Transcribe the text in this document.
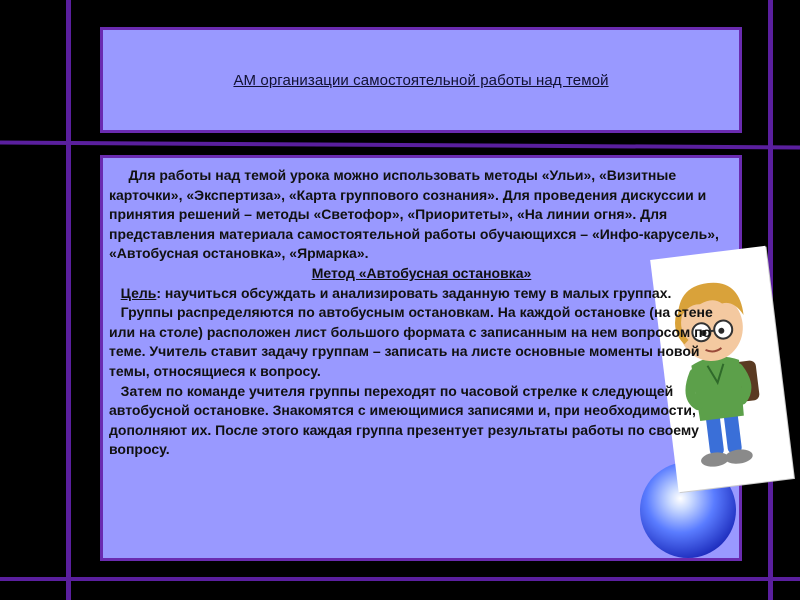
АМ организации самостоятельной работы над темой

Для работы над темой урока можно использовать методы «Ульи», «Визитные карточки», «Экспертиза», «Карта группового сознания». Для проведения дискуссии и принятия решений – методы «Светофор», «Приоритеты», «На линии огня». Для представления материала самостоятельной работы обучающихся – «Инфо-карусель», «Автобусная остановка», «Ярмарка».

Метод «Автобусная остановка»

Цель: научиться обсуждать и анализировать заданную тему в малых группах.

Группы распределяются по автобусным остановкам. На каждой остановке (на стене или на столе) расположен лист большого формата с записанным на нем вопросом по теме. Учитель ставит задачу группам – записать на листе основные моменты новой темы, относящиеся к вопросу.

Затем по команде учителя группы переходят по часовой стрелке к следующей автобусной остановке. Знакомятся с имеющимися записями и, при необходимости, дополняют их. После этого каждая группа презентует результаты работы по своему вопросу.
